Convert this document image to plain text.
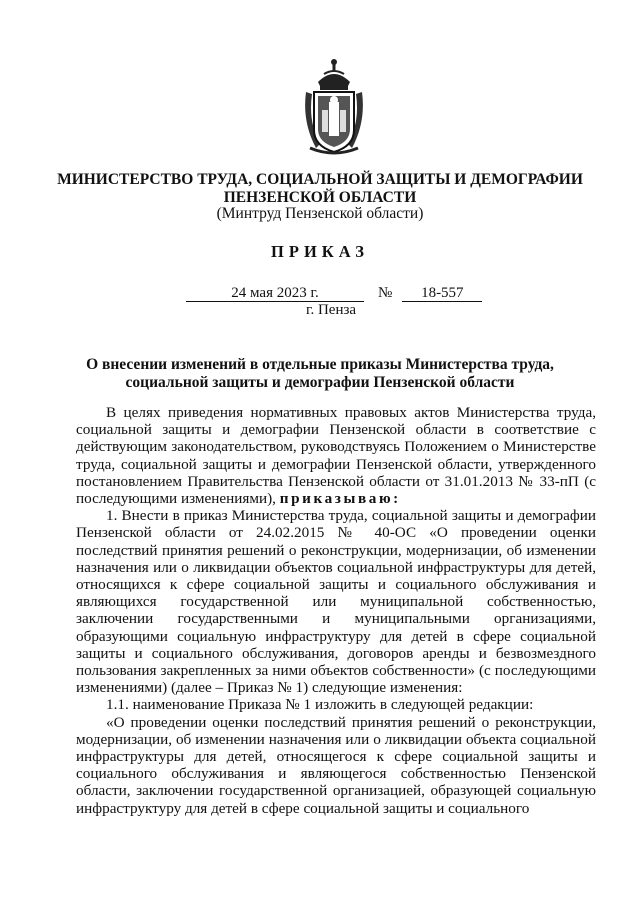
МИНИСТЕРСТВО ТРУДА, СОЦИАЛЬНОЙ ЗАЩИТЫ И ДЕМОГРАФИИ
ПЕНЗЕНСКОЙ ОБЛАСТИ
(Минтруд Пензенской области)
ПРИКАЗ
24 мая 2023 г.	№ 18-557
г. Пенза
О внесении изменений в отдельные приказы Министерства труда,
социальной защиты и демографии Пензенской области

В целях приведения нормативных правовых актов Министерства труда, социальной защиты и демографии Пензенской области в соответствие с действующим законодательством, руководствуясь Положением о Министерстве труда, социальной защиты и демографии Пензенской области, утвержденного постановлением Правительства Пензенской области от 31.01.2013 № 33-пП (с последующими изменениями), приказываю:

1. Внести в приказ Министерства труда, социальной защиты и демографии Пензенской области от 24.02.2015 № 40-ОС «О проведении оценки последствий принятия решений о реконструкции, модернизации, об изменении назначения или о ликвидации объектов социальной инфраструктуры для детей, относящихся к сфере социальной защиты и социального обслуживания и являющихся государственной или муниципальной собственностью, заключении государственными и муниципальными организациями, образующими социальную инфраструктуру для детей в сфере социальной защиты и социального обслуживания, договоров аренды и безвозмездного пользования закрепленных за ними объектов собственности» (с последующими изменениями) (далее – Приказ № 1) следующие изменения:

1.1. наименование Приказа № 1 изложить в следующей редакции:

«О проведении оценки последствий принятия решений о реконструкции, модернизации, об изменении назначения или о ликвидации объекта социальной инфраструктуры для детей, относящегося к сфере социальной защиты и социального обслуживания и являющегося собственностью Пензенской области, заключении государственной организацией, образующей социальную инфраструктуру для детей в сфере социальной защиты и социального
